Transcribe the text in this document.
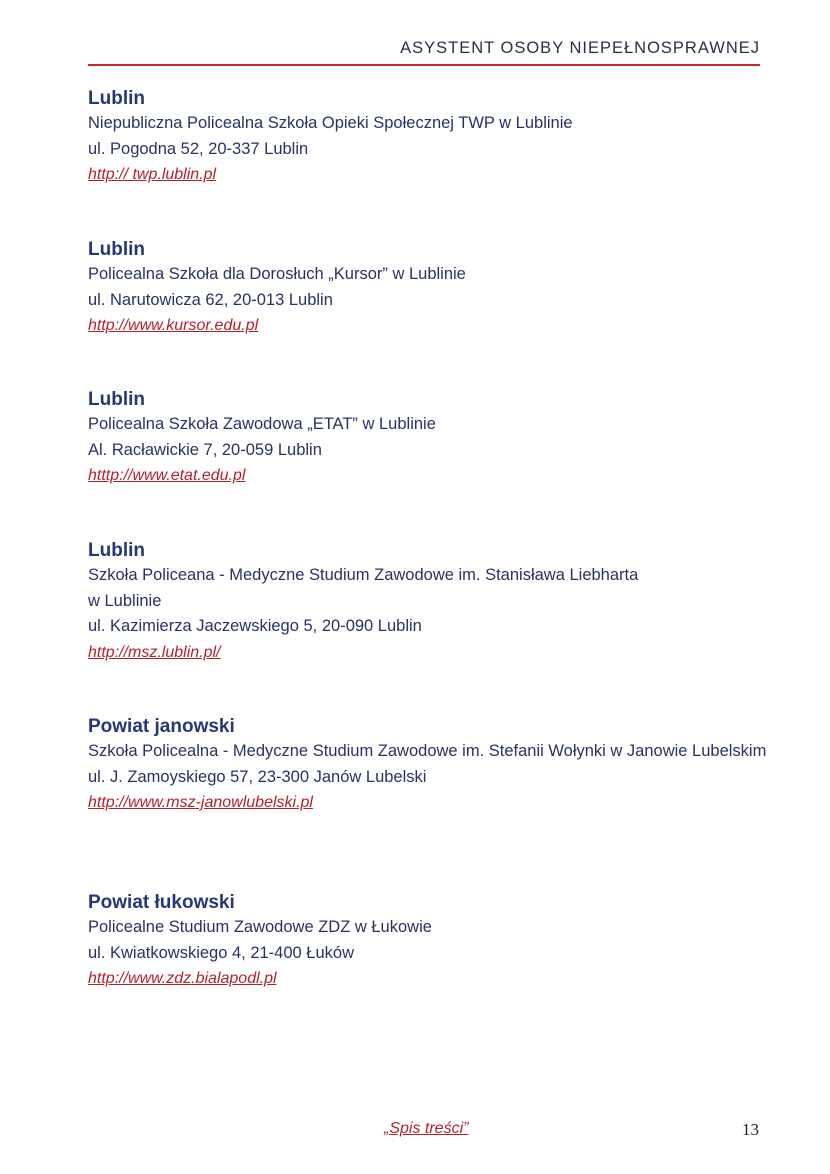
ASYSTENT OSOBY NIEPEŁNOSPRAWNEJ
Lublin
Niepubliczna Policealna Szkoła Opieki Społecznej TWP w Lublinie
ul. Pogodna 52, 20-337 Lublin
http:// twp.lublin.pl
Lublin
Policealna Szkoła dla Dorosłuch „Kursor” w Lublinie
ul. Narutowicza 62, 20-013 Lublin
http://www.kursor.edu.pl
Lublin
Policealna Szkoła Zawodowa „ETAT” w Lublinie
Al. Racławickie 7, 20-059 Lublin
htttp://www.etat.edu.pl
Lublin
Szkoła Policeana - Medyczne Studium Zawodowe im. Stanisława Liebharta
w Lublinie
ul. Kazimierza Jaczewskiego 5, 20-090 Lublin
http://msz.lublin.pl/
Powiat janowski
Szkoła Policealna - Medyczne Studium Zawodowe im. Stefanii Wołynki w Janowie Lubelskim
ul. J. Zamoyskiego 57, 23-300 Janów Lubelski
http://www.msz-janowlubelski.pl
Powiat łukowski
Policealne Studium Zawodowe ZDZ w Łukowie
ul. Kwiatkowskiego 4, 21-400 Łuków
http://www.zdz.bialapodl.pl
„Spis treści”	13
